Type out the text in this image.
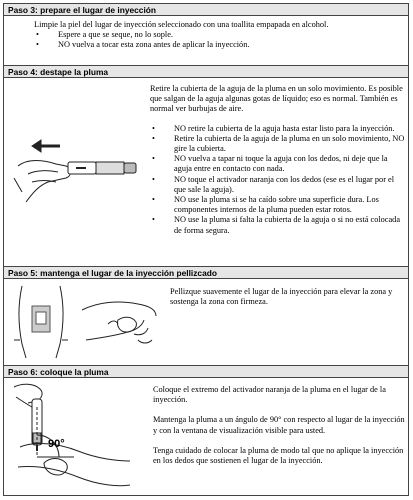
Paso 3: prepare el lugar de inyección

Limpie la piel del lugar de inyección seleccionado con una toallita empapada en alcohol.

• Espere a que se seque, no lo sople.
• NO vuelva a tocar esta zona antes de aplicar la inyección.
Paso 4: destape la pluma

Retire la cubierta de la aguja de la pluma en un solo movimiento. Es posible que salgan de la aguja algunas gotas de líquido; eso es normal. También es normal ver burbujas de aire.

• NO retire la cubierta de la aguja hasta estar listo para la inyección.
• Retire la cubierta de la aguja de la pluma en un solo movimiento, NO gire la cubierta.
• NO vuelva a tapar ni toque la aguja con los dedos, ni deje que la aguja entre en contacto con nada.
• NO toque el activador naranja con los dedos (ese es el lugar por el que sale la aguja).
• NO use la pluma si se ha caído sobre una superficie dura. Los componentes internos de la pluma pueden estar rotos.
• NO use la pluma si falta la cubierta de la aguja o si no está colocada de forma segura.
Paso 5: mantenga el lugar de la inyección pellizcado

Pellizque suavemente el lugar de la inyección para elevar la zona y sostenga la zona con firmeza.

Paso 6: coloque la pluma
90°

Coloque el extremo del activador naranja de la pluma en el lugar de la inyección.

Mantenga la pluma a un ángulo de 90° con respecto al lugar de la inyección y con la ventana de visualización visible para usted.

Tenga cuidado de colocar la pluma de modo tal que no aplique la inyección en los dedos que sostienen el lugar de la inyección.
